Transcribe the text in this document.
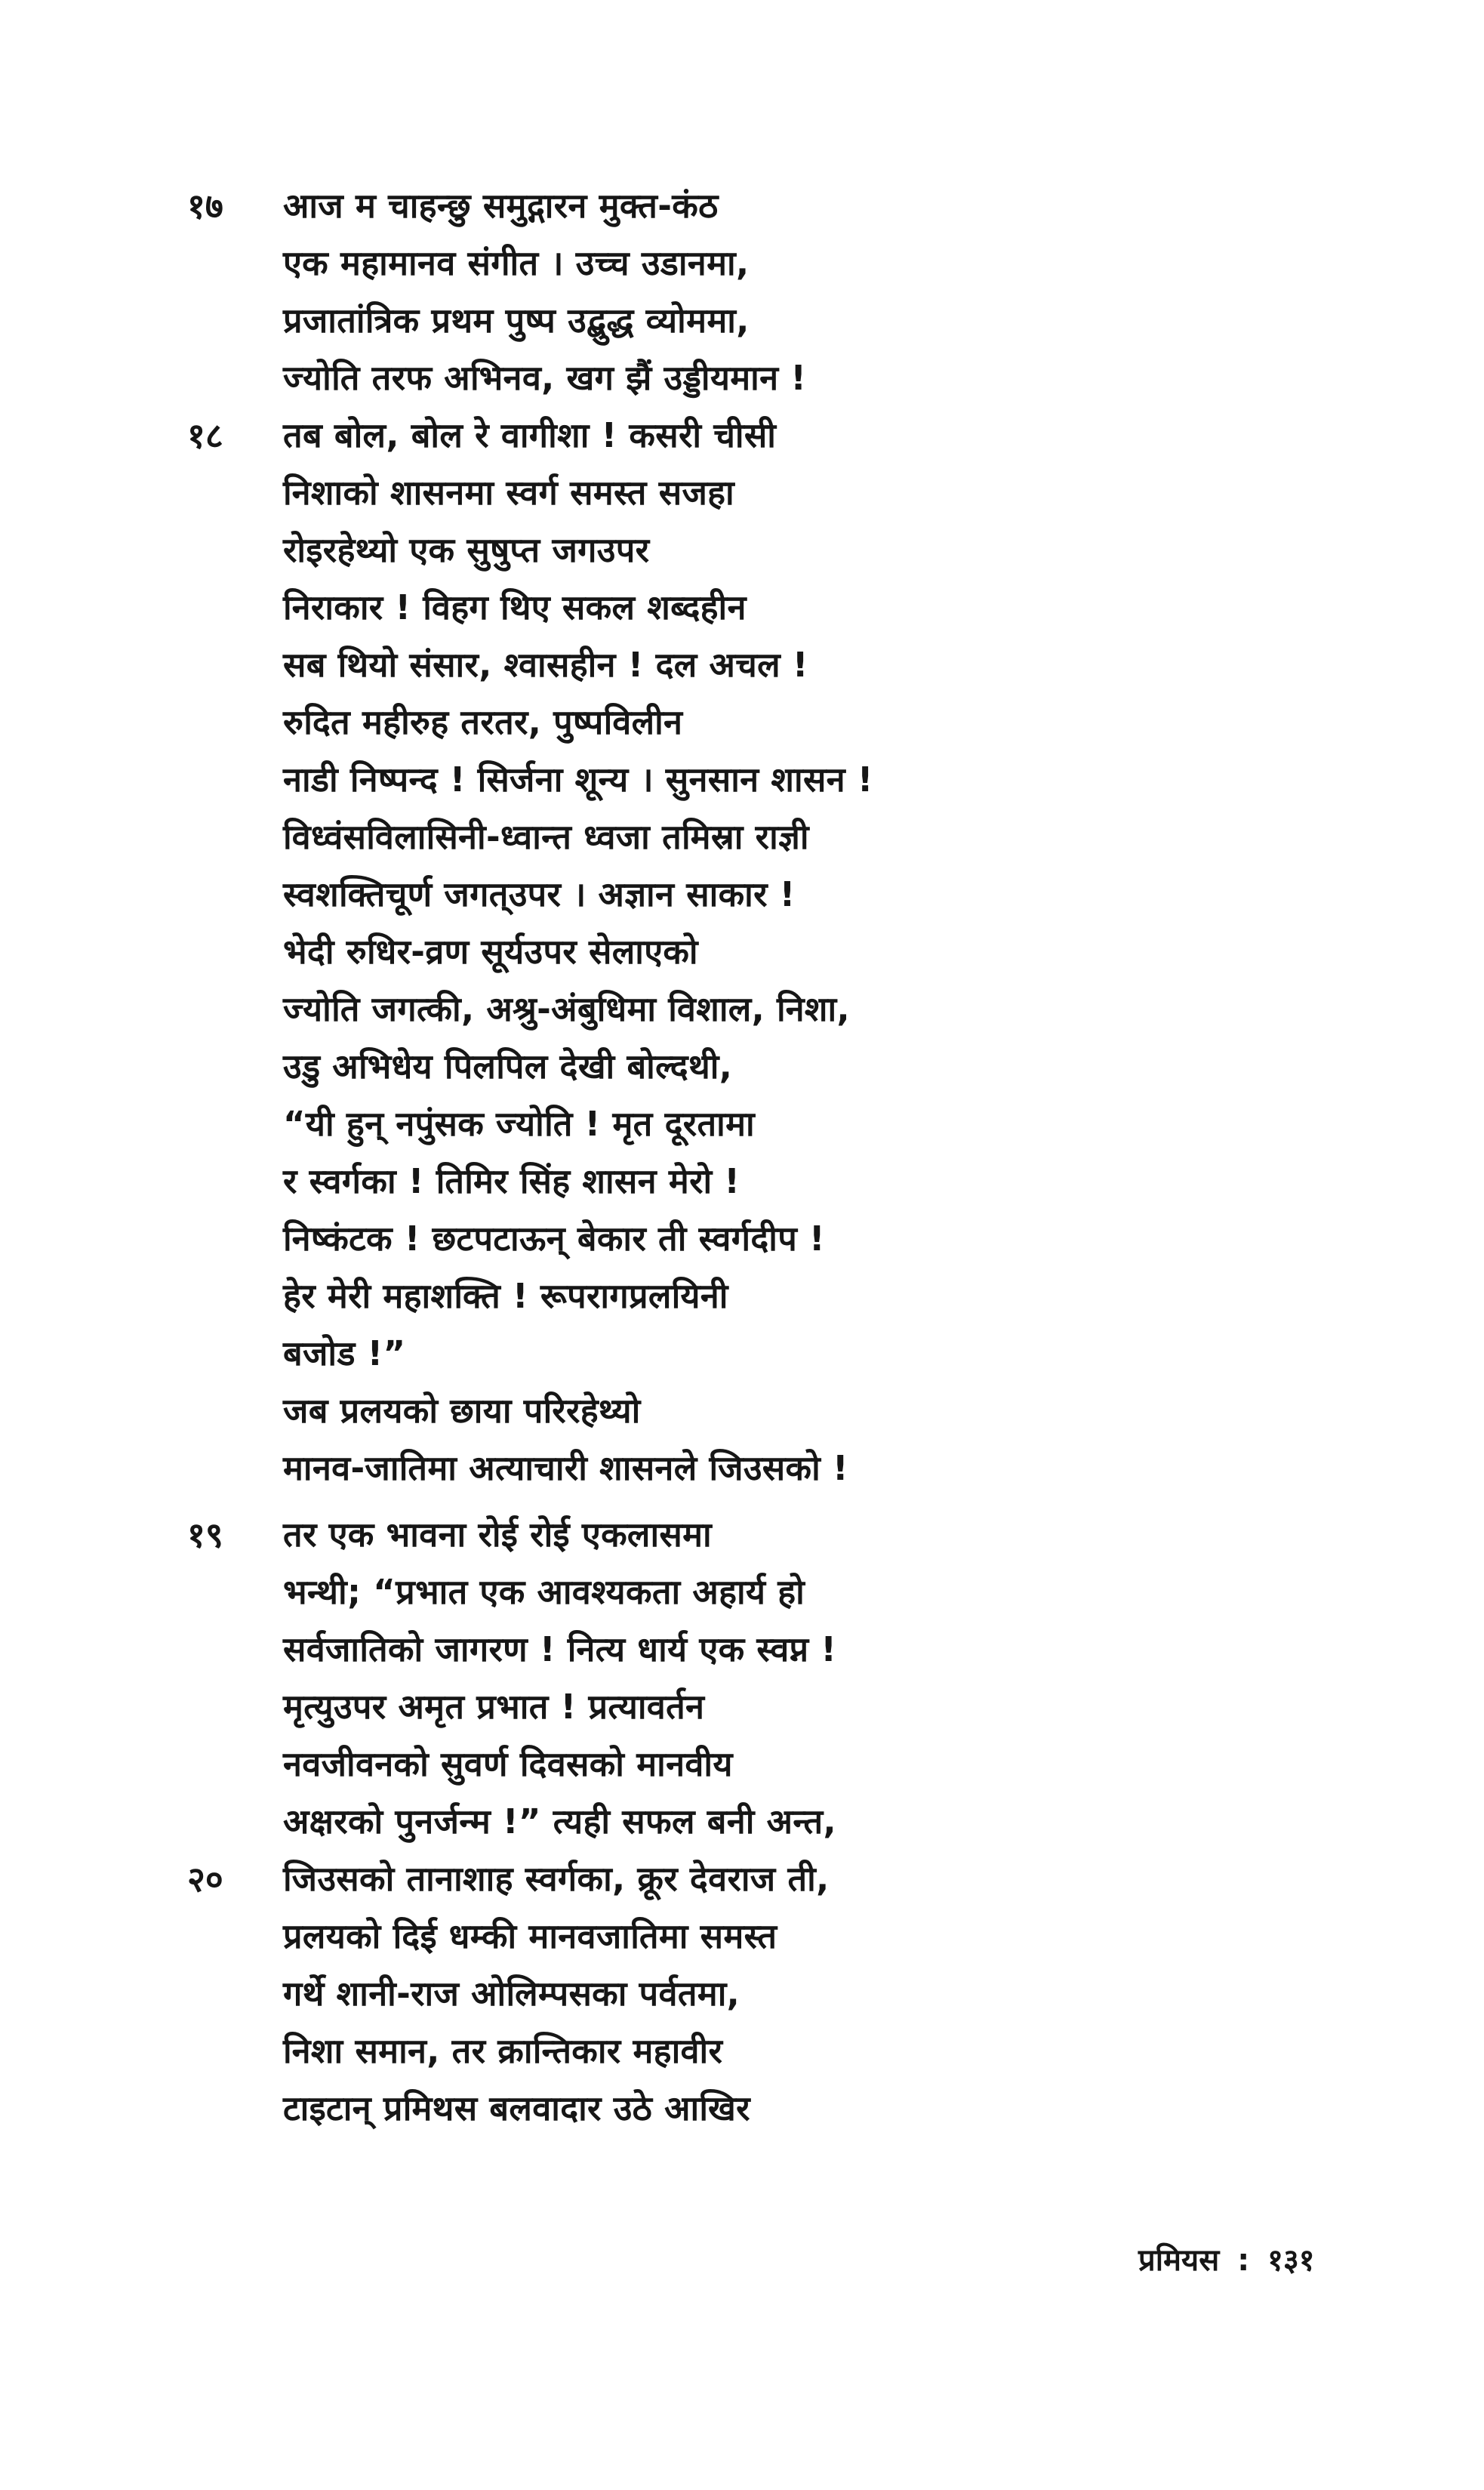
१७ आज म चाहन्छु समुद्गारन मुक्त-कंठ
एक महामानव संगीत । उच्च उडानमा,
प्रजातांत्रिक प्रथम पुष्प उद्बुद्ध व्योममा,
ज्योति तरफ अभिनव, खग झैं उड्डीयमान !
१८ तब बोल, बोल रे वागीशा ! कसरी चीसी
निशाको शासनमा स्वर्ग समस्त सजहा
रोइरहेथ्यो एक सुषुप्त जगउपर
निराकार ! विहग थिए सकल शब्दहीन
सब थियो संसार, श्वासहीन ! दल अचल !
रुदित महीरुह तरतर, पुष्पविलीन
नाडी निष्पन्द ! सिर्जना शून्य । सुनसान शासन !
विध्वंसविलासिनी-ध्वान्त ध्वजा तमिस्रा राज्ञी
स्वशक्तिचूर्ण जगत्‌उपर । अज्ञान साकार !
भेदी रुधिर-व्रण सूर्यउपर सेलाएको
ज्योति जगत्की, अश्रु-अंबुधिमा विशाल, निशा,
उडु अभिधेय पिलपिल देखी बोल्दथी,
“यी हुन् नपुंसक ज्योति ! मृत दूरतामा
र स्वर्गका ! तिमिर सिंह शासन मेरो !
निष्कंटक ! छटपटाऊन् बेकार ती स्वर्गदीप !
हेर मेरी महाशक्ति ! रूपरागप्रलयिनी
बजोड !”
जब प्रलयको छाया परिरहेथ्यो
मानव-जातिमा अत्याचारी शासनले जिउसको !
१९ तर एक भावना रोई रोई एकलासमा
भन्थी; “प्रभात एक आवश्यकता अहार्य हो
सर्वजातिको जागरण ! नित्य धार्य एक स्वप्न !
मृत्युउपर अमृत प्रभात ! प्रत्यावर्तन
नवजीवनको सुवर्ण दिवसको मानवीय
अक्षरको पुनर्जन्म !” त्यही सफल बनी अन्त,
२० जिउसको तानाशाह स्वर्गका, क्रूर देवराज ती,
प्रलयको दिई धम्की मानवजातिमा समस्त
गर्थे शानी-राज ओलिम्पसका पर्वतमा,
निशा समान, तर क्रान्तिकार महावीर
टाइटान् प्रमिथस बलवादार उठे आखिर
प्रमियस : १३१
